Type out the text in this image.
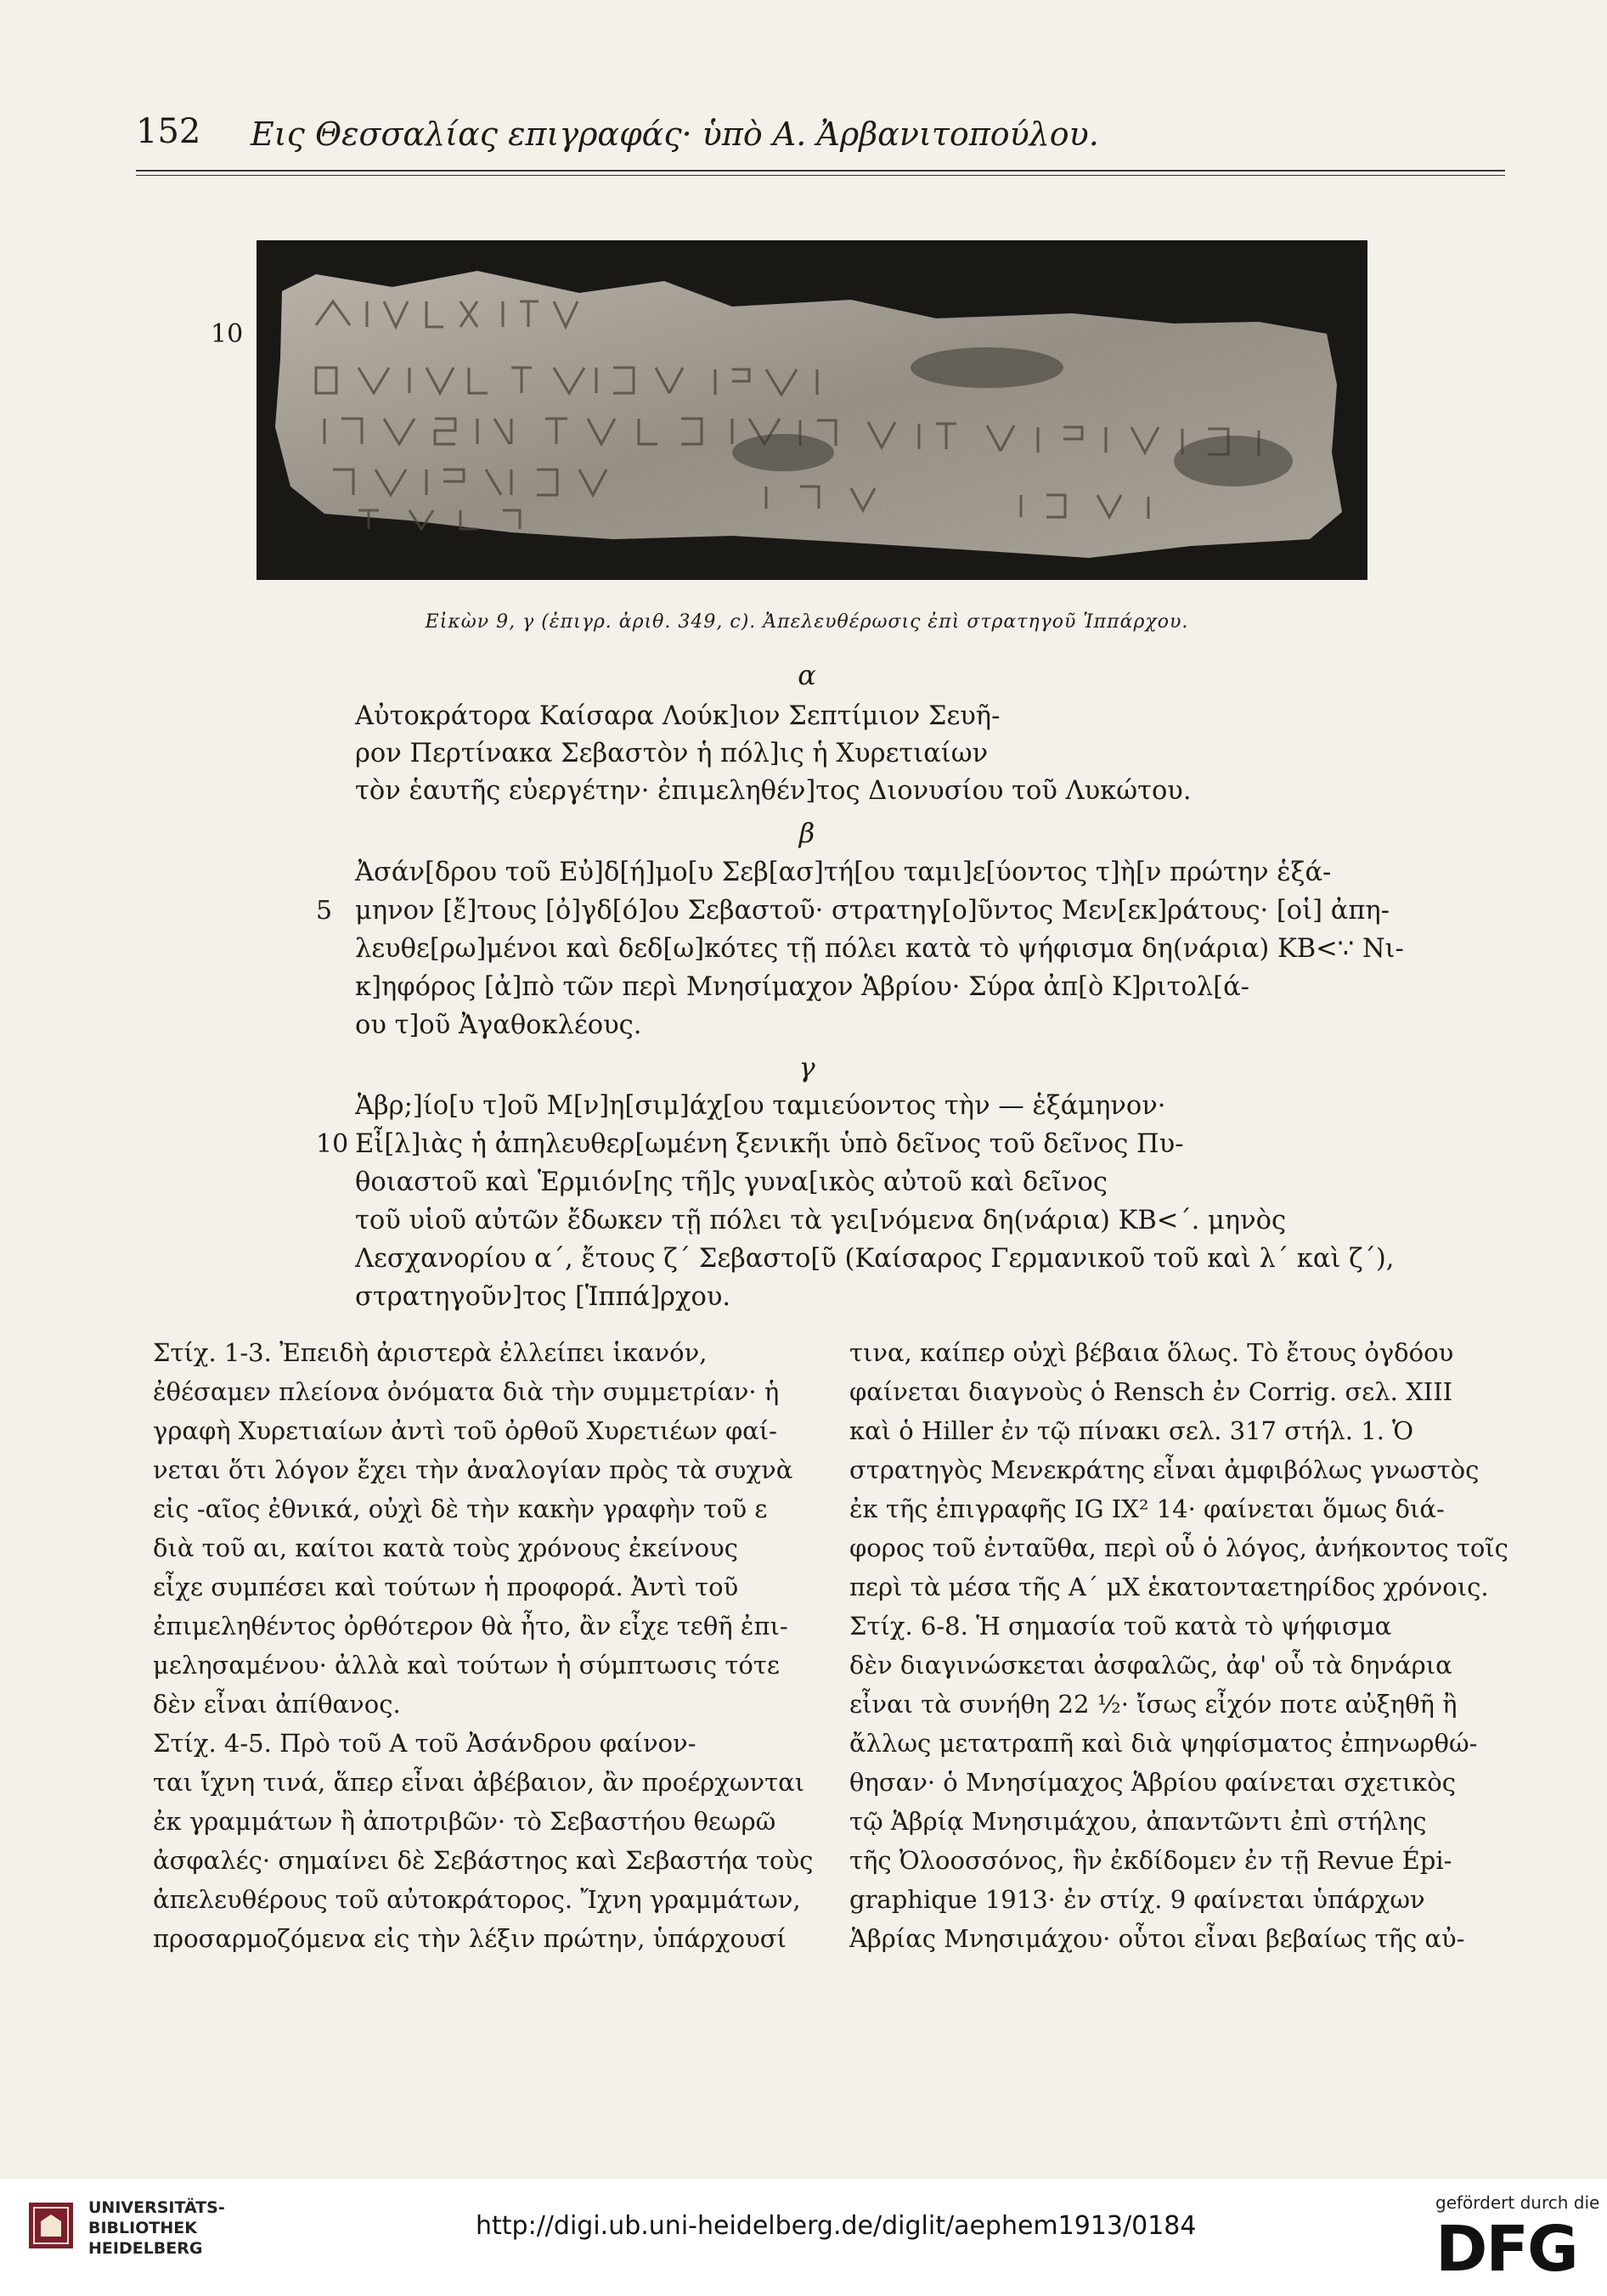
152 Εις Θεσσαλίας επιγραφάς· ὑπὸ Α. Ἀρβανιτοπούλου.
10
Εἰκὼν 9, γ (ἐπιγρ. ἀριθ. 349, c). Ἀπελευθέρωσις ἐπὶ στρατηγοῦ Ἱππάρχου.
α
Αὐτοκράτορα Καίσαρα Λούκ]ιον Σεπτίμιον Σευῆ-
ρον Περτίνακα Σεβαστὸν ἡ πόλ]ις ἡ Χυρετιαίων
τὸν ἑαυτῆς εὐεργέτην· ἐπιμεληθέν]τος Διονυσίου τοῦ Λυκώτου.
β
Ἀσάν[δρου τοῦ Εὐ]δ[ή]μο[υ Σεβ[ασ]τή[ου ταμι]ε[ύοντος τ]ὴ[ν πρώτην ἑξά-
5 μηνον [ἔ]τους [ὀ]γδ[ό]ου Σεβαστοῦ· στρατηγ[ο]ῦντος Μεν[εκ]ράτους· [οἱ] ἀπη-
λευθε[ρω]μένοι καὶ δεδ[ω]κότες τῇ πόλει κατὰ τὸ ψήφισμα δη(νάρια) ΚΒ<∵ Νι-
κ]ηφόρος [ἀ]πὸ τῶν περὶ Μνησίμαχον Ἁβρίου· Σύρα ἀπ[ὸ Κ]ριτολ[ά-
ου τ]οῦ Ἀγαθοκλέους.
γ
Ἁβρ;]ίο[υ τ]οῦ Μ[ν]η[σιμ]άχ[ου ταμιεύοντος τὴν — ἑξάμηνον·
10 Εἶ[λ]ιὰς ἡ ἀπηλευθερ[ωμένη ξενικῆι ὑπὸ δεῖνος τοῦ δεῖνος Πυ-
θοιαστοῦ καὶ Ἑρμιόν[ης τῆ]ς γυνα[ικὸς αὐτοῦ καὶ δεῖνος
τοῦ υἱοῦ αὐτῶν ἔδωκεν τῇ πόλει τὰ γει[νόμενα δη(νάρια) ΚΒ<΄. μηνὸς
Λεσχανορίου α΄, ἔτους ζ΄ Σεβαστο[ῦ (Καίσαρος Γερμανικοῦ τοῦ καὶ λ΄ καὶ ζ΄),
στρατηγοῦν]τος [Ἱππά]ρχου.
Στίχ. 1-3. Ἐπειδὴ ἀριστερὰ ἐλλείπει ἱκανόν,
ἐθέσαμεν πλείονα ὀνόματα διὰ τὴν συμμετρίαν· ἡ
γραφὴ Χυρετιαίων ἀντὶ τοῦ ὀρθοῦ Χυρετιέων φαί-
νεται ὅτι λόγον ἔχει τὴν ἀναλογίαν πρὸς τὰ συχνὰ
εἰς -αῖος ἐθνικά, οὐχὶ δὲ τὴν κακὴν γραφὴν τοῦ ε
διὰ τοῦ αι, καίτοι κατὰ τοὺς χρόνους ἐκείνους
εἶχε συμπέσει καὶ τούτων ἡ προφορά. Ἀντὶ τοῦ
ἐπιμεληθέντος ὀρθότερον θὰ ἦτο, ἂν εἶχε τεθῆ ἐπι-
μελησαμένου· ἀλλὰ καὶ τούτων ἡ σύμπτωσις τότε
δὲν εἶναι ἀπίθανος.
Στίχ. 4-5. Πρὸ τοῦ Α τοῦ Ἀσάνδρου φαίνον-
ται ἴχνη τινά, ἅπερ εἶναι ἀβέβαιον, ἂν προέρχωνται
ἐκ γραμμάτων ἢ ἀποτριβῶν· τὸ Σεβαστήου θεωρῶ
ἀσφαλές· σημαίνει δὲ Σεβάστηος καὶ Σεβαστήα τοὺς
ἀπελευθέρους τοῦ αὐτοκράτορος. Ἴχνη γραμμάτων,
προσαρμοζόμενα εἰς τὴν λέξιν πρώτην, ὑπάρχουσί
τινα, καίπερ οὐχὶ βέβαια ὅλως. Τὸ ἔτους ὀγδόου
φαίνεται διαγνοὺς ὁ Rensch ἐν Corrig. σελ. XIII
καὶ ὁ Hiller ἐν τῷ πίνακι σελ. 317 στήλ. 1. Ὁ
στρατηγὸς Μενεκράτης εἶναι ἀμφιβόλως γνωστὸς
ἐκ τῆς ἐπιγραφῆς IG IX² 14· φαίνεται ὅμως διά-
φορος τοῦ ἐνταῦθα, περὶ οὗ ὁ λόγος, ἀνήκοντος τοῖς
περὶ τὰ μέσα τῆς Α΄ μΧ ἑκατονταετηρίδος χρόνοις.
Στίχ. 6-8. Ἡ σημασία τοῦ κατὰ τὸ ψήφισμα
δὲν διαγινώσκεται ἀσφαλῶς, ἀφ' οὗ τὰ δηνάρια
εἶναι τὰ συνήθη 22 ½· ἴσως εἶχόν ποτε αὐξηθῆ ἢ
ἄλλως μετατραπῆ καὶ διὰ ψηφίσματος ἐπηνωρθώ-
θησαν· ὁ Μνησίμαχος Ἁβρίου φαίνεται σχετικὸς
τῷ Ἁβρίᾳ Μνησιμάχου, ἀπαντῶντι ἐπὶ στήλης
τῆς Ὀλοοσσόνος, ἣν ἐκδίδομεν ἐν τῇ Revue Épi-
graphique 1913· ἐν στίχ. 9 φαίνεται ὑπάρχων
Ἁβρίας Μνησιμάχου· οὗτοι εἶναι βεβαίως τῆς αὐ-
UNIVERSITÄTS-
BIBLIOTHEK
HEIDELBERG
http://digi.ub.uni-heidelberg.de/diglit/aephem1913/0184
gefördert durch die
DFG
